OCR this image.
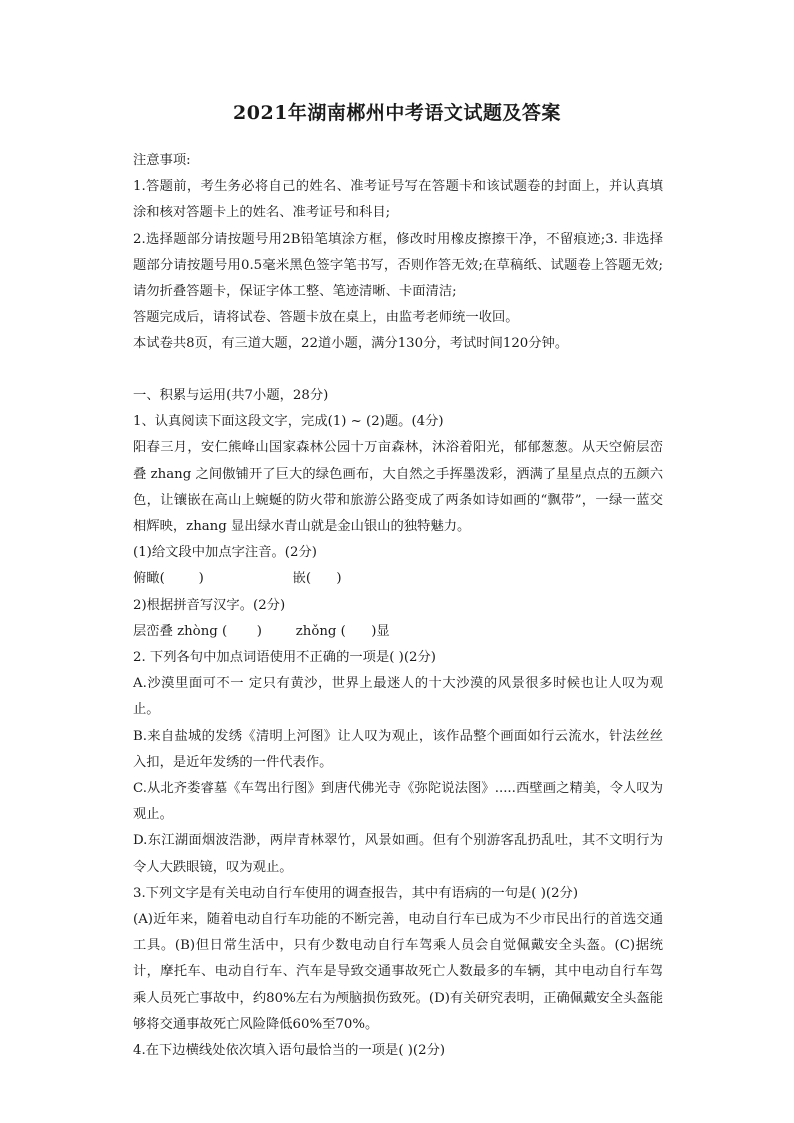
2021年湖南郴州中考语文试题及答案

注意事项:

1.答题前，考生务必将自己的姓名、准考证号写在答题卡和该试题卷的封面上，并认真填涂和核对答题卡上的姓名、准考证号和科目;

2.选择题部分请按题号用2B铅笔填涂方框，修改时用橡皮擦擦干净，不留痕迹;3. 非选择题部分请按题号用0.5毫米黑色签字笔书写，否则作答无效;在草稿纸、试题卷上答题无效;请勿折叠答题卡，保证字体工整、笔迹清晰、卡面清洁;

答题完成后，请将试卷、答题卡放在桌上，由监考老师统一收回。

本试卷共8页，有三道大题，22道小题，满分130分，考试时间120分钟。

一、积累与运用(共7小题，28分)

1、认真阅读下面这段文字，完成(1) ~ (2)题。(4分)

阳春三月，安仁熊峰山国家森林公园十万亩森林，沐浴着阳光，郁郁葱葱。从天空俯层峦叠 zhang 之间傲铺开了巨大的绿色画布，大自然之手挥墨泼彩，洒满了星星点点的五颜六色，让镶嵌在高山上蜿蜒的防火带和旅游公路变成了两条如诗如画的“飘带”，一绿一蓝交相辉映，zhang 显出绿水青山就是金山银山的独特魅力。

(1)给文段中加点字注音。(2分)

俯瞰(        )                     嵌(      )

2)根据拼音写汉字。(2分)

层峦叠 zhòng (       )        zhǒng (      )显

2. 下列各句中加点词语使用不正确的一项是( )(2分)

A.沙漠里面可不一 定只有黄沙，世界上最迷人的十大沙漠的风景很多时候也让人叹为观止。

B.来自盐城的发绣《清明上河图》让人叹为观止，该作品整个画面如行云流水，针法丝丝入扣，是近年发绣的一件代表作。

C.从北齐娄睿墓《车驾出行图》到唐代佛光寺《弥陀说法图》.....西壁画之精美，令人叹为观止。

D.东江湖面烟波浩渺，两岸青林翠竹，风景如画。但有个别游客乱扔乱吐，其不文明行为令人大跌眼镜，叹为观止。

3.下列文字是有关电动自行车使用的调查报告，其中有语病的一句是( )(2分)

(A)近年来，随着电动自行车功能的不断完善，电动自行车已成为不少市民出行的首选交通工具。(B)但日常生活中，只有少数电动自行车驾乘人员会自觉佩戴安全头盔。(C)据统计，摩托车、电动自行车、汽车是导致交通事故死亡人数最多的车辆，其中电动自行车驾乘人员死亡事故中，约80%左右为颅脑损伤致死。(D)有关研究表明，正确佩戴安全头盔能够将交通事故死亡风险降低60%至70%。

4.在下边横线处依次填入语句最恰当的一项是( )(2分)
